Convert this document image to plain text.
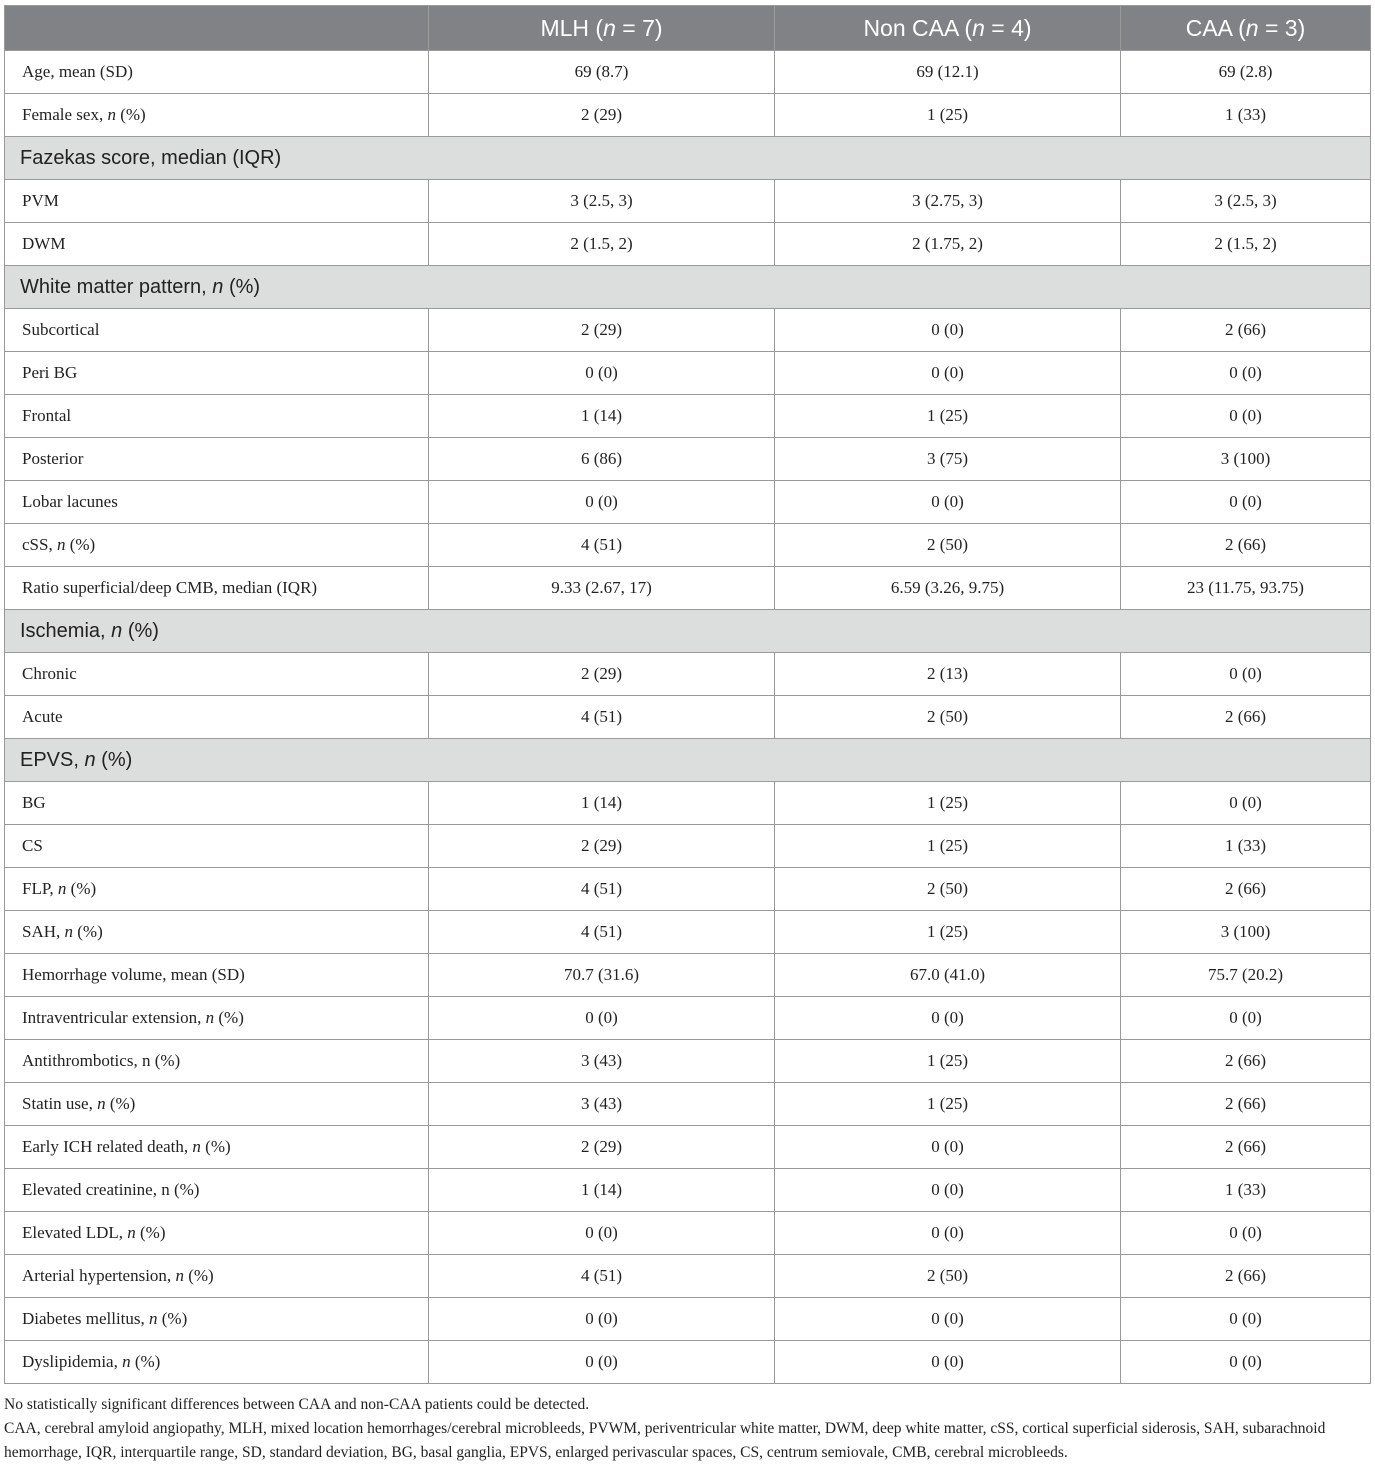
	MLH (n = 7)	Non CAA (n = 4)	CAA (n = 3)
Age, mean (SD)	69 (8.7)	69 (12.1)	69 (2.8)
Female sex, n (%)	2 (29)	1 (25)	1 (33)
Fazekas score, median (IQR)			
PVM	3 (2.5, 3)	3 (2.75, 3)	3 (2.5, 3)
DWM	2 (1.5, 2)	2 (1.75, 2)	2 (1.5, 2)
White matter pattern, n (%)			
Subcortical	2 (29)	0 (0)	2 (66)
Peri BG	0 (0)	0 (0)	0 (0)
Frontal	1 (14)	1 (25)	0 (0)
Posterior	6 (86)	3 (75)	3 (100)
Lobar lacunes	0 (0)	0 (0)	0 (0)
cSS, n (%)	4 (51)	2 (50)	2 (66)
Ratio superficial/deep CMB, median (IQR)	9.33 (2.67, 17)	6.59 (3.26, 9.75)	23 (11.75, 93.75)
Ischemia, n (%)			
Chronic	2 (29)	2 (13)	0 (0)
Acute	4 (51)	2 (50)	2 (66)
EPVS, n (%)			
BG	1 (14)	1 (25)	0 (0)
CS	2 (29)	1 (25)	1 (33)
FLP, n (%)	4 (51)	2 (50)	2 (66)
SAH, n (%)	4 (51)	1 (25)	3 (100)
Hemorrhage volume, mean (SD)	70.7 (31.6)	67.0 (41.0)	75.7 (20.2)
Intraventricular extension, n (%)	0 (0)	0 (0)	0 (0)
Antithrombotics, n (%)	3 (43)	1 (25)	2 (66)
Statin use, n (%)	3 (43)	1 (25)	2 (66)
Early ICH related death, n (%)	2 (29)	0 (0)	2 (66)
Elevated creatinine, n (%)	1 (14)	0 (0)	1 (33)
Elevated LDL, n (%)	0 (0)	0 (0)	0 (0)
Arterial hypertension, n (%)	4 (51)	2 (50)	2 (66)
Diabetes mellitus, n (%)	0 (0)	0 (0)	0 (0)
Dyslipidemia, n (%)	0 (0)	0 (0)	0 (0)

No statistically significant differences between CAA and non-CAA patients could be detected.

CAA, cerebral amyloid angiopathy, MLH, mixed location hemorrhages/cerebral microbleeds, PVWM, periventricular white matter, DWM, deep white matter, cSS, cortical superficial siderosis, SAH, subarachnoid hemorrhage, IQR, interquartile range, SD, standard deviation, BG, basal ganglia, EPVS, enlarged perivascular spaces, CS, centrum semiovale, CMB, cerebral microbleeds.
